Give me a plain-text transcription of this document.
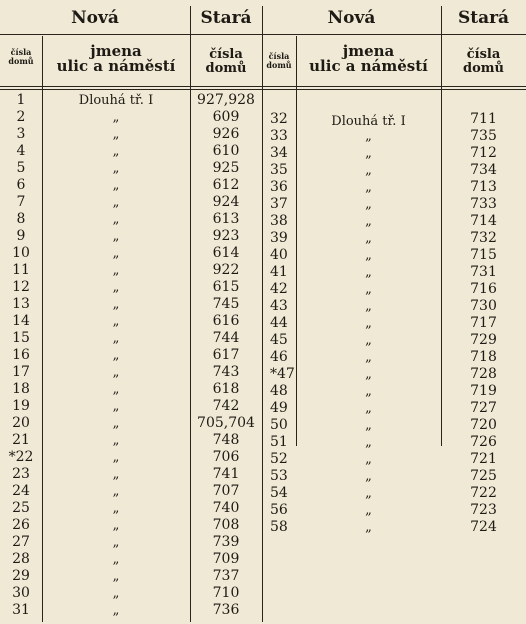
Nová	Stará
čísla
domů
jmena
ulic a náměstí
čísla
domů
Nová	Stará
čísla
domů
jmena
ulic a náměstí
čísla
domů
1	Dlouhá tř. I	927,928
2	„	609
3	„	926
4	„	610
5	„	925
6	„	612
7	„	924
8	„	613
9	„	923
10	„	614
11	„	922
12	„	615
13	„	745
14	„	616
15	„	744
16	„	617
17	„	743
18	„	618
19	„	742
20	„	705,704
21	„	748
*22	„	706
23	„	741
24	„	707
25	„	740
26	„	708
27	„	739
28	„	709
29	„	737
30	„	710
31	„	736
32	Dlouhá tř. I	711
33	„	735
34	„	712
35	„	734
36	„	713
37	„	733
38	„	714
39	„	732
40	„	715
41	„	731
42	„	716
43	„	730
44	„	717
45	„	729
46	„	718
*47	„	728
48	„	719
49	„	727
50	„	720
51	„	726
52	„	721
53	„	725
54	„	722
56	„	723
58	„	724
